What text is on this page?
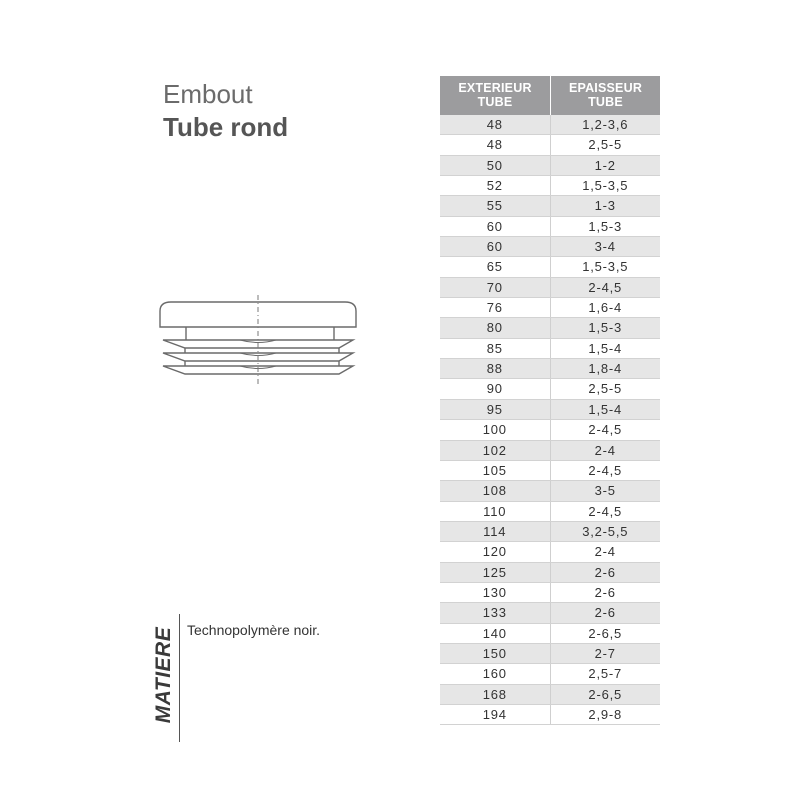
Embout
Tube rond
MATIERE Technopolymère noir.
EXTERIEUR
TUBE
EPAISSEUR
TUBE
48	1,2-3,6
48	2,5-5
50	1-2
52	1,5-3,5
55	1-3
60	1,5-3
60	3-4
65	1,5-3,5
70	2-4,5
76	1,6-4
80	1,5-3
85	1,5-4
88	1,8-4
90	2,5-5
95	1,5-4
100	2-4,5
102	2-4
105	2-4,5
108	3-5
110	2-4,5
114	3,2-5,5
120	2-4
125	2-6
130	2-6
133	2-6
140	2-6,5
150	2-7
160	2,5-7
168	2-6,5
194	2,9-8
